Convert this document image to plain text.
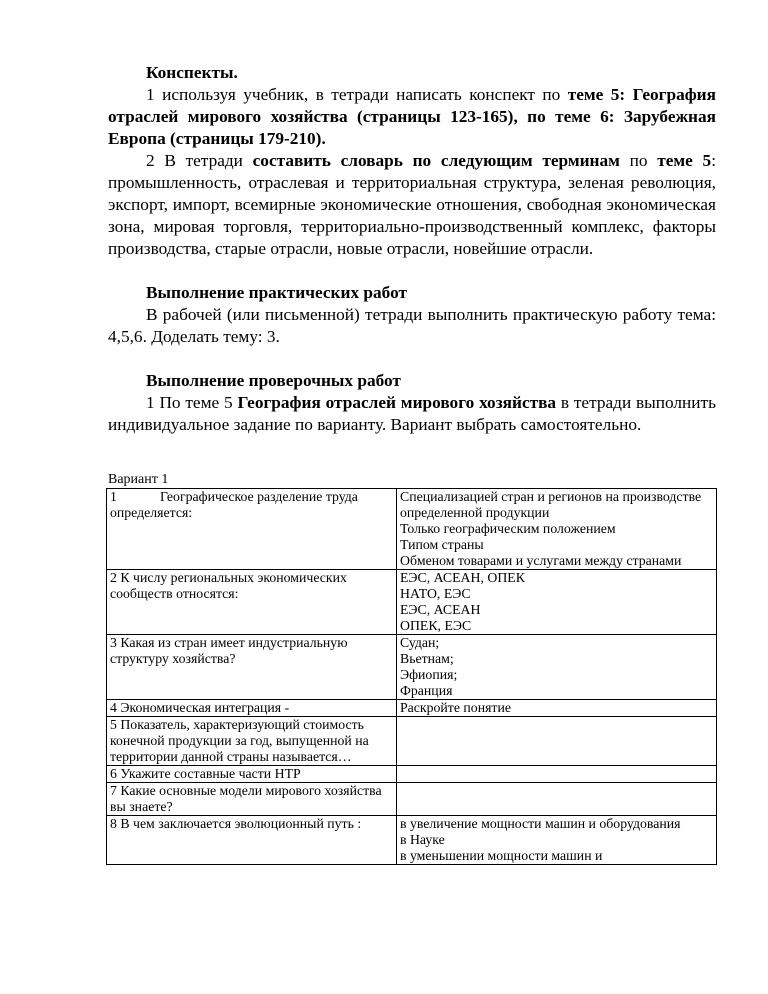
Конспекты.

1 используя учебник, в тетради написать конспект по теме 5: География отраслей мирового хозяйства (страницы 123-165), по теме 6: Зарубежная Европа (страницы 179-210).

2 В тетради составить словарь по следующим терминам по теме 5: промышленность, отраслевая и территориальная структура, зеленая революция, экспорт, импорт, всемирные экономические отношения, свободная экономическая зона, мировая торговля, территориально-производственный комплекс, факторы производства, старые отрасли, новые отрасли, новейшие отрасли.

Выполнение практических работ

В рабочей (или письменной) тетради выполнить практическую работу тема: 4,5,6. Доделать тему: 3.

Выполнение проверочных работ

1 По теме 5 География отраслей мирового хозяйства в тетради выполнить индивидуальное задание по варианту. Вариант выбрать самостоятельно.

Вариант 1
1 Географическое разделение труда определяется:	Специализацией стран и регионов на производстве определенной продукции
Только географическим положением
Типом страны
Обменом товарами и услугами между странами

2 К числу региональных экономических сообществ относятся:	ЕЭС, АСЕАН, ОПЕК
НАТО, ЕЭС
ЕЭС, АСЕАН
ОПЕК, ЕЭС

3 Какая из стран имеет индустриальную структуру хозяйства?	Судан;
Вьетнам;
Эфиопия;
Франция

4 Экономическая интеграция -	Раскройте понятие

5 Показатель, характеризующий стоимость конечной продукции за год, выпущенной на территории данной страны называется…	
6 Укажите составные части НТР	
7 Какие основные модели мирового хозяйства вы знаете?	
8 В чем заключается эволюционный путь :	в увеличение мощности машин и оборудования
в Науке
в уменьшении мощности машин и
